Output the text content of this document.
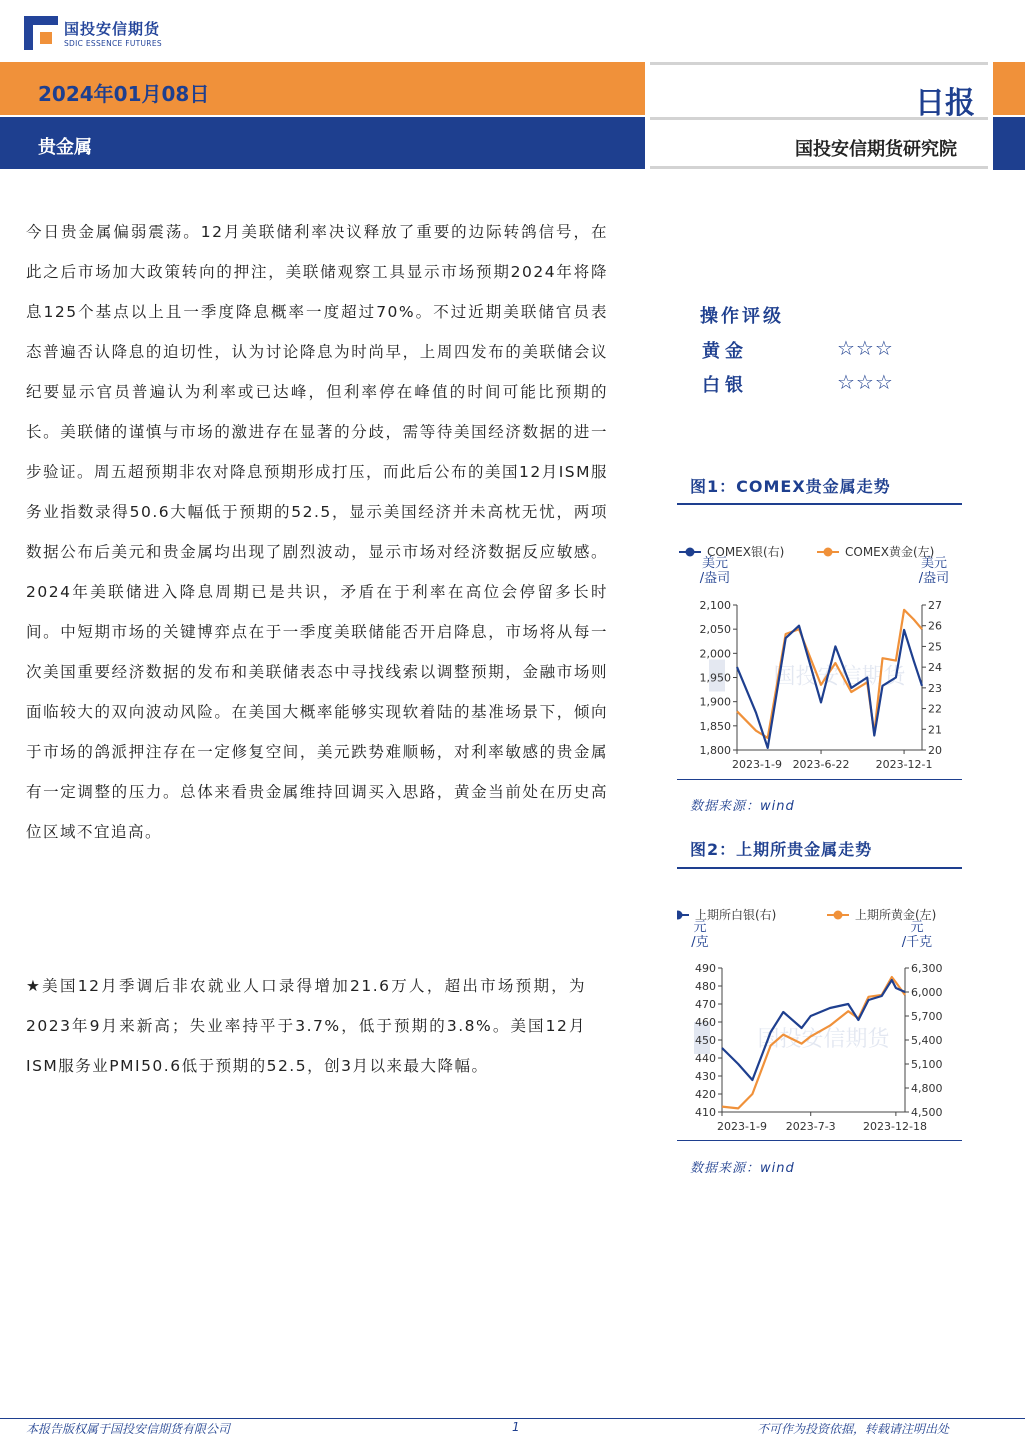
国投安信期货
SDIC ESSENCE FUTURES
2024年01月08日
贵金属
日报
国投安信期货研究院
今日贵金属偏弱震荡。12月美联储利率决议释放了重要的边际转鸽信号，在此之后市场加大政策转向的押注，美联储观察工具显示市场预期2024年将降息125个基点以上且一季度降息概率一度超过70%。不过近期美联储官员表态普遍否认降息的迫切性，认为讨论降息为时尚早，上周四发布的美联储会议纪要显示官员普遍认为利率或已达峰，但利率停在峰值的时间可能比预期的长。美联储的谨慎与市场的激进存在显著的分歧，需等待美国经济数据的进一步验证。周五超预期非农对降息预期形成打压，而此后公布的美国12月ISM服务业指数录得50.6大幅低于预期的52.5，显示美国经济并未高枕无忧，两项数据公布后美元和贵金属均出现了剧烈波动，显示市场对经济数据反应敏感。2024年美联储进入降息周期已是共识，矛盾在于利率在高位会停留多长时间。中短期市场的关键博弈点在于一季度美联储能否开启降息，市场将从每一次美国重要经济数据的发布和美联储表态中寻找线索以调整预期，金融市场则面临较大的双向波动风险。在美国大概率能够实现软着陆的基准场景下，倾向于市场的鸽派押注存在一定修复空间，美元跌势难顺畅，对利率敏感的贵金属有一定调整的压力。总体来看贵金属维持回调买入思路，黄金当前处在历史高位区域不宜追高。
★美国12月季调后非农就业人口录得增加21.6万人，超出市场预期，为2023年9月来新高；失业率持平于3.7%，低于预期的3.8%。美国12月ISM服务业PMI50.6低于预期的52.5，创3月以来最大降幅。
操作评级
黄金	☆☆☆
白银	☆☆☆
图1：COMEX贵金属走势
COMEX银(右)	COMEX黄金(左)
美元
/盎司
美元
/盎司
国投安信期货
2,100
2,050
2,000
1,950
1,900
1,850
1,800
27
26
25
24
23
22
21
20
2023-1-9 2023-6-22 2023-12-1
数据来源：wind
图2：上期所贵金属走势
上期所白银(右)	上期所黄金(左)
元
/克
元
/千克
国投安信期货
490
480
470
460
450
440
430
420
410
6,300
6,000
5,700
5,400
5,100
4,800
4,500
2023-1-9 2023-7-3 2023-12-18
数据来源：wind
本报告版权属于国投安信期货有限公司	1	不可作为投资依据，转载请注明出处
